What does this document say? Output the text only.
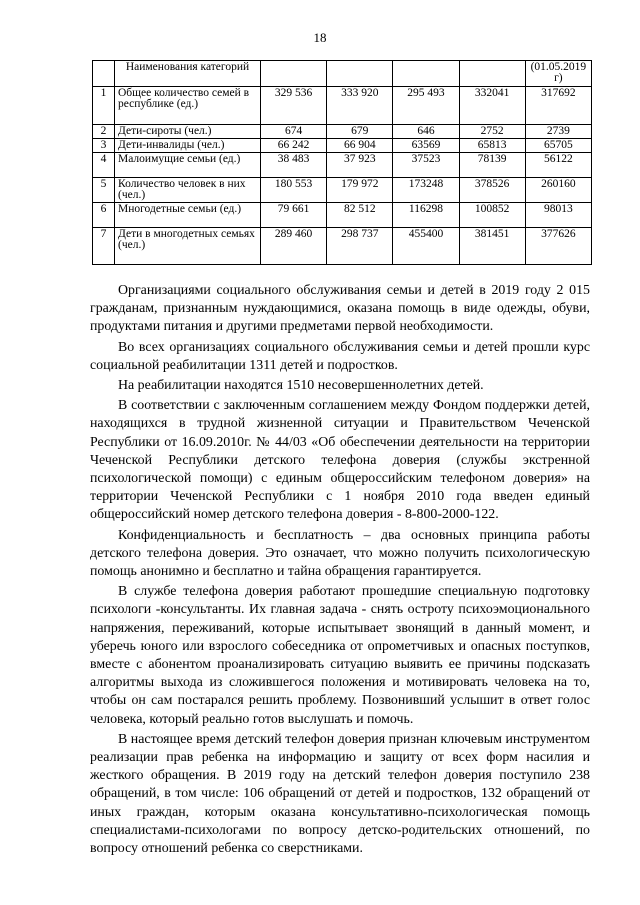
18
	Наименования категорий					(01.05.2019 г)
1	Общее количество семей в республике (ед.)	329 536	333 920	295 493	332041	317692
2	Дети-сироты (чел.)	674	679	646	2752	2739
3	Дети-инвалиды (чел.)	66 242	66 904	63569	65813	65705
4	Малоимущие семьи (ед.)	38 483	37 923	37523	78139	56122
5	Количество человек в них (чел.)	180 553	179 972	173248	378526	260160
6	Многодетные семьи (ед.)	79 661	82 512	116298	100852	98013
7	Дети в многодетных семьях (чел.)	289 460	298 737	455400	381451	377626

Организациями социального обслуживания семьи и детей в 2019 году 2 015 гражданам, признанным нуждающимися, оказана помощь в виде одежды, обуви, продуктами питания и другими предметами первой необходимости.

Во всех организациях социального обслуживания семьи и детей прошли курс социальной реабилитации 1311 детей и подростков.

На реабилитации находятся 1510 несовершеннолетних детей.

В соответствии с заключенным соглашением между Фондом поддержки детей, находящихся в трудной жизненной ситуации и Правительством Чеченской Республики от 16.09.2010г. № 44/03 «Об обеспечении деятельности на территории Чеченской Республики детского телефона доверия (службы экстренной психологической помощи) с единым общероссийским телефоном доверия» на территории Чеченской Республики с 1 ноября 2010 года введен единый общероссийский номер детского телефона доверия - 8-800-2000-122.

Конфиденциальность и бесплатность – два основных принципа работы детского телефона доверия. Это означает, что можно получить психологическую помощь анонимно и бесплатно и тайна обращения гарантируется.

В службе телефона доверия работают прошедшие специальную подготовку психологи -консультанты. Их главная задача - снять остроту психоэмоционального напряжения, переживаний, которые испытывает звонящий в данный момент, и уберечь юного или взрослого собеседника от опрометчивых и опасных поступков, вместе с абонентом проанализировать ситуацию выявить ее причины подсказать алгоритмы выхода из сложившегося положения и мотивировать человека на то, чтобы он сам постарался решить проблему. Позвонивший услышит в ответ голос человека, который реально готов выслушать и помочь.

В настоящее время детский телефон доверия признан ключевым инструментом реализации прав ребенка на информацию и защиту от всех форм насилия и жесткого обращения. В 2019 году на детский телефон доверия поступило 238 обращений, в том числе: 106 обращений от детей и подростков, 132 обращений от иных граждан, которым оказана консультативно-психологическая помощь специалистами-психологами по вопросу детско-родительских отношений, по вопросу отношений ребенка со сверстниками.
